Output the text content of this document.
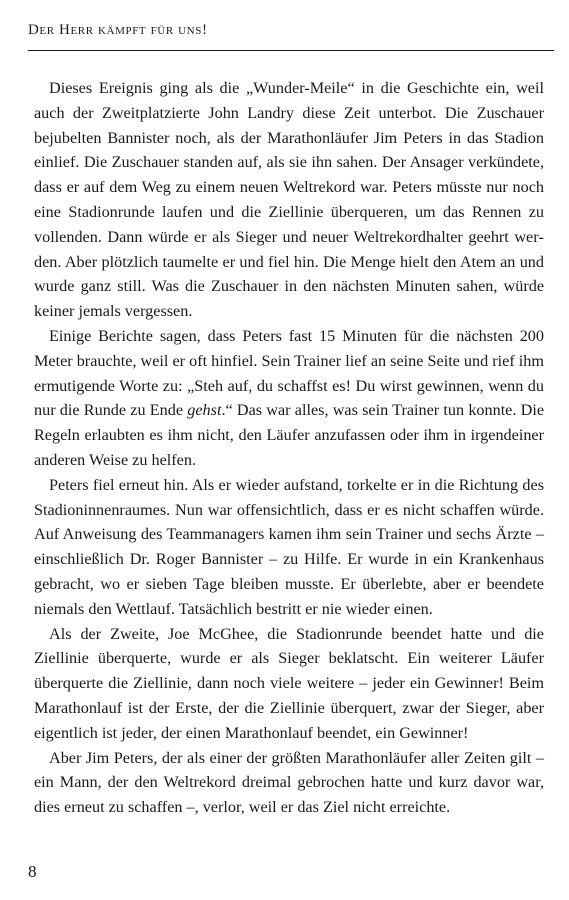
Der Herr kämpft für uns!

Dieses Ereignis ging als die „Wunder-Meile“ in die Geschichte ein, weil auch der Zweitplatzierte John Landry diese Zeit unterbot. Die Zuschauer bejubelten Bannister noch, als der Marathonläufer Jim Peters in das Stadion einlief. Die Zuschauer standen auf, als sie ihn sahen. Der Ansager verkündete, dass er auf dem Weg zu einem neuen Weltrekord war. Peters müsste nur noch eine Stadionrunde laufen und die Ziellinie überqueren, um das Rennen zu vollenden. Dann würde er als Sieger und neuer Weltrekordhalter geehrt werden. Aber plötzlich taumelte er und fiel hin. Die Menge hielt den Atem an und wurde ganz still. Was die Zuschauer in den nächsten Minuten sahen, würde keiner jemals vergessen.

Einige Berichte sagen, dass Peters fast 15 Minuten für die nächsten 200 Meter brauchte, weil er oft hinfiel. Sein Trainer lief an seine Seite und rief ihm ermutigende Worte zu: „Steh auf, du schaffst es! Du wirst gewinnen, wenn du nur die Runde zu Ende gehst.“ Das war alles, was sein Trainer tun konnte. Die Regeln erlaubten es ihm nicht, den Läufer anzufassen oder ihm in irgendeiner anderen Weise zu helfen.

Peters fiel erneut hin. Als er wieder aufstand, torkelte er in die Richtung des Stadioninnenraumes. Nun war offensichtlich, dass er es nicht schaffen würde. Auf Anweisung des Teammanagers kamen ihm sein Trainer und sechs Ärzte – einschließlich Dr. Roger Bannister – zu Hilfe. Er wurde in ein Krankenhaus gebracht, wo er sieben Tage bleiben musste. Er überlebte, aber er beendete niemals den Wettlauf. Tatsächlich bestritt er nie wieder einen.

Als der Zweite, Joe McGhee, die Stadionrunde beendet hatte und die Ziellinie überquerte, wurde er als Sieger beklatscht. Ein weiterer Läufer überquerte die Ziellinie, dann noch viele weitere – jeder ein Gewinner! Beim Marathonlauf ist der Erste, der die Ziellinie überquert, zwar der Sieger, aber eigentlich ist jeder, der einen Marathonlauf beendet, ein Gewinner!

Aber Jim Peters, der als einer der größten Marathonläufer aller Zeiten gilt – ein Mann, der den Weltrekord dreimal gebrochen hatte und kurz davor war, dies erneut zu schaffen –, verlor, weil er das Ziel nicht erreichte.

8
